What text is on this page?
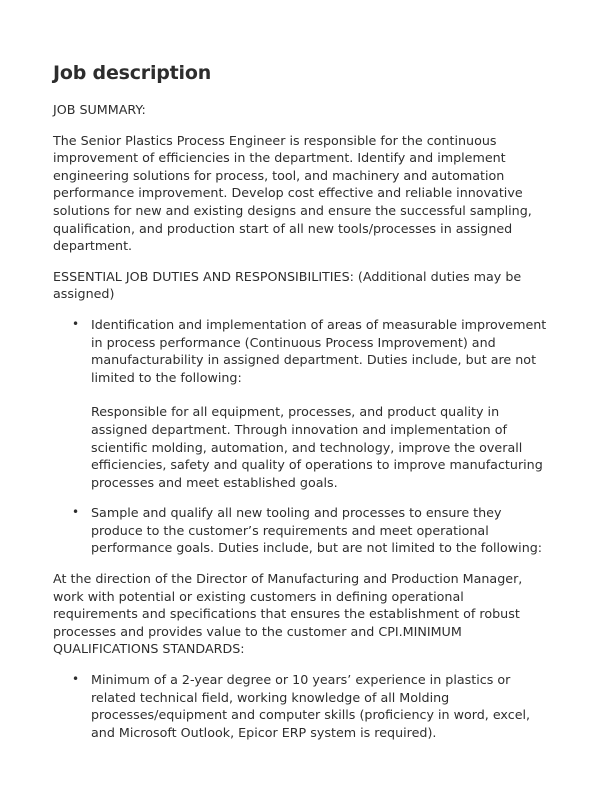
Job description

JOB SUMMARY:

The Senior Plastics Process Engineer is responsible for the continuous improvement of efficiencies in the department. Identify and implement engineering solutions for process, tool, and machinery and automation performance improvement. Develop cost effective and reliable innovative solutions for new and existing designs and ensure the successful sampling, qualification, and production start of all new tools/processes in assigned department.

ESSENTIAL JOB DUTIES AND RESPONSIBILITIES: (Additional duties may be assigned)

• Identification and implementation of areas of measurable improvement in process performance (Continuous Process Improvement) and manufacturability in assigned department. Duties include, but are not limited to the following:
Responsible for all equipment, processes, and product quality in assigned department. Through innovation and implementation of scientific molding, automation, and technology, improve the overall efficiencies, safety and quality of operations to improve manufacturing processes and meet established goals.
• Sample and qualify all new tooling and processes to ensure they produce to the customer’s requirements and meet operational performance goals. Duties include, but are not limited to the following:

At the direction of the Director of Manufacturing and Production Manager, work with potential or existing customers in defining operational requirements and specifications that ensures the establishment of robust processes and provides value to the customer and CPI.MINIMUM QUALIFICATIONS STANDARDS:

• Minimum of a 2-year degree or 10 years’ experience in plastics or related technical field, working knowledge of all Molding processes/equipment and computer skills (proficiency in word, excel, and Microsoft Outlook, Epicor ERP system is required).
